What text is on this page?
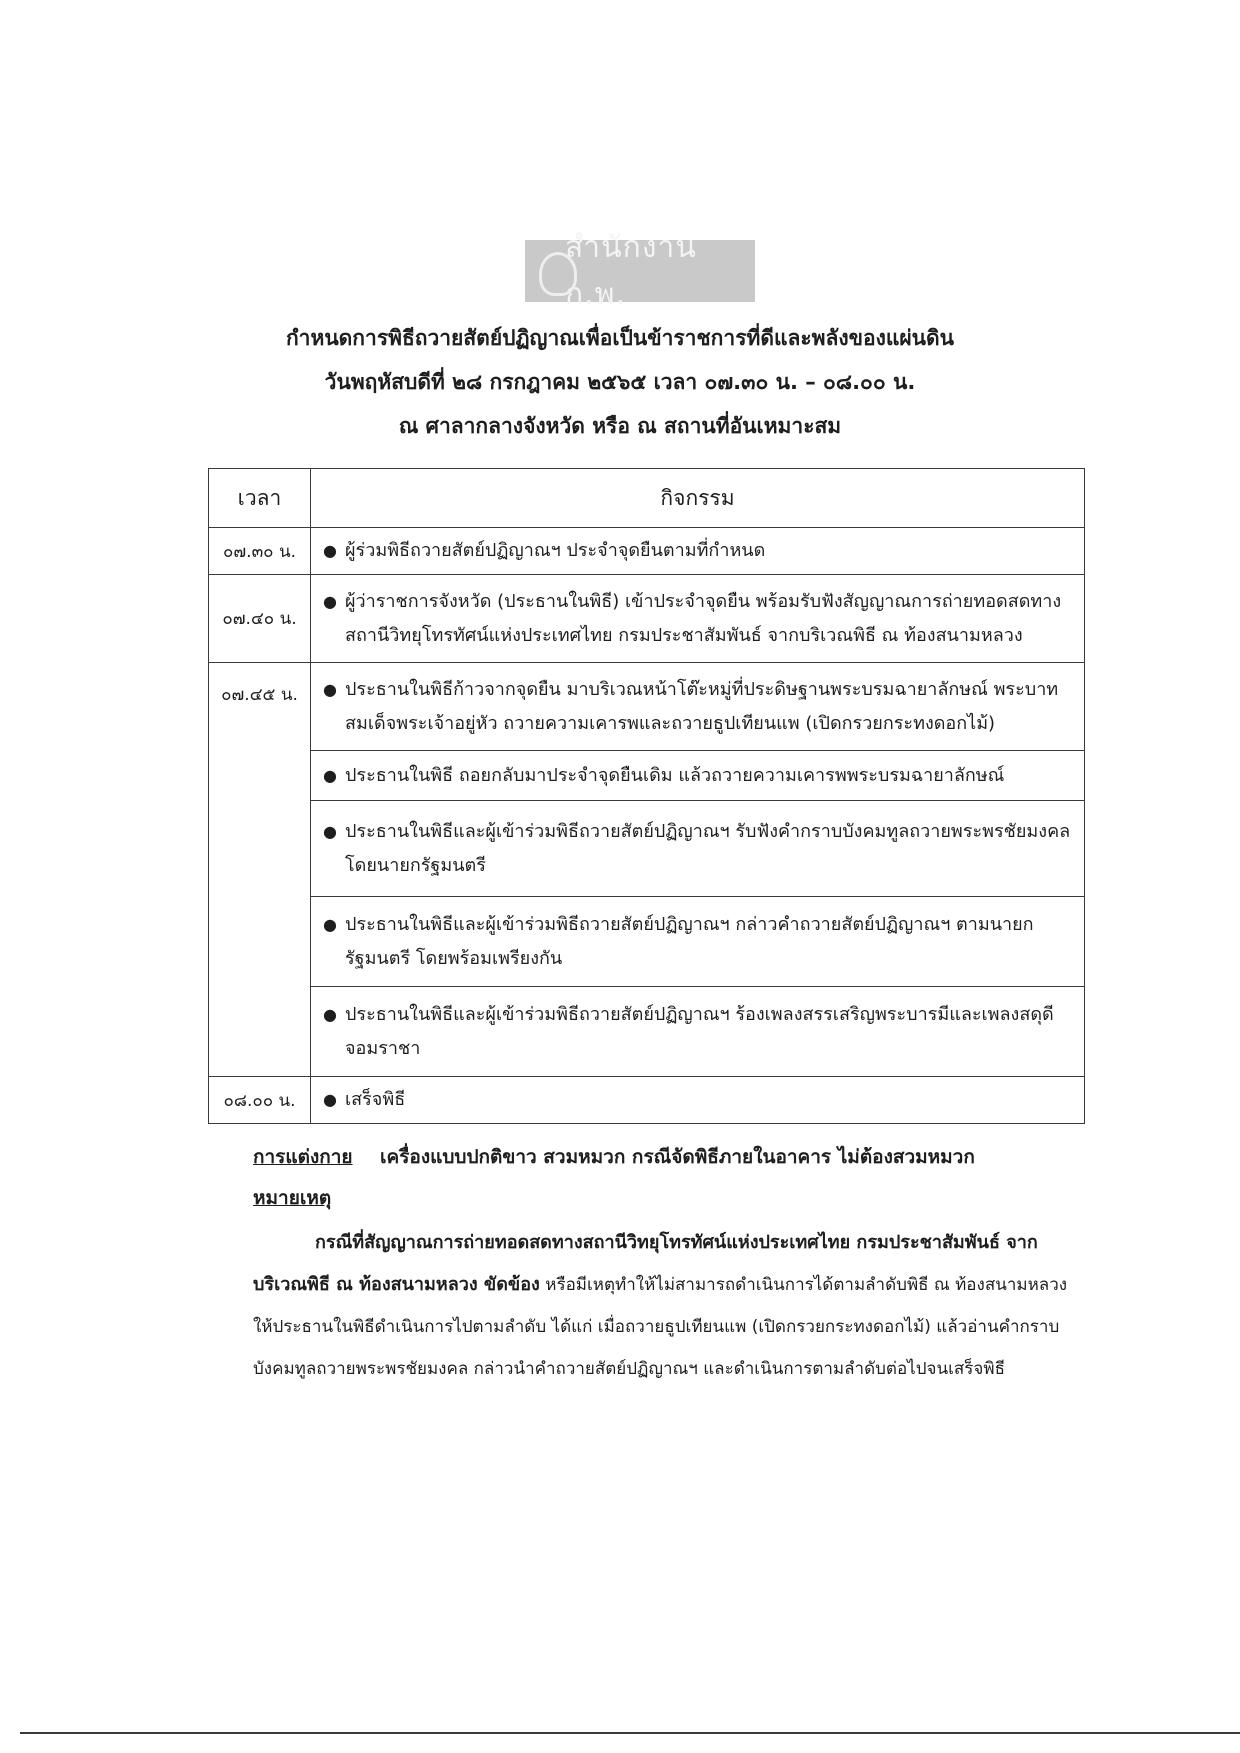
สำนักงาน ก.พ.
กำหนดการพิธีถวายสัตย์ปฏิญาณเพื่อเป็นข้าราชการที่ดีและพลังของแผ่นดิน
วันพฤหัสบดีที่ ๒๘ กรกฎาคม ๒๕๖๕ เวลา ๐๗.๓๐ น. – ๐๘.๐๐ น.
ณ ศาลากลางจังหวัด หรือ ณ สถานที่อันเหมาะสม
เวลา	กิจกรรม
๐๗.๓๐ น.	● ผู้ร่วมพิธีถวายสัตย์ปฏิญาณฯ ประจำจุดยืนตามที่กำหนด

๐๗.๔๐ น.	● ผู้ว่าราชการจังหวัด (ประธานในพิธี) เข้าประจำจุดยืน พร้อมรับฟังสัญญาณการถ่ายทอดสดทางสถานีวิทยุโทรทัศน์แห่งประเทศไทย กรมประชาสัมพันธ์ จากบริเวณพิธี ณ ท้องสนามหลวง

๐๗.๔๕ น.	● ประธานในพิธีก้าวจากจุดยืน มาบริเวณหน้าโต๊ะหมู่ที่ประดิษฐานพระบรมฉายาลักษณ์ พระบาทสมเด็จพระเจ้าอยู่หัว ถวายความเคารพและถวายธูปเทียนแพ (เปิดกรวยกระทงดอกไม้)

	● ประธานในพิธี ถอยกลับมาประจำจุดยืนเดิม แล้วถวายความเคารพพระบรมฉายาลักษณ์

	● ประธานในพิธีและผู้เข้าร่วมพิธีถวายสัตย์ปฏิญาณฯ รับฟังคำกราบบังคมทูลถวายพระพรชัยมงคล โดยนายกรัฐมนตรี

	● ประธานในพิธีและผู้เข้าร่วมพิธีถวายสัตย์ปฏิญาณฯ กล่าวคำถวายสัตย์ปฏิญาณฯ ตามนายกรัฐมนตรี โดยพร้อมเพรียงกัน

	● ประธานในพิธีและผู้เข้าร่วมพิธีถวายสัตย์ปฏิญาณฯ ร้องเพลงสรรเสริญพระบารมีและเพลงสดุดีจอมราชา

๐๘.๐๐ น.	● เสร็จพิธี
การแต่งกาย เครื่องแบบปกติขาว สวมหมวก กรณีจัดพิธีภายในอาคาร ไม่ต้องสวมหมวก
หมายเหตุ
กรณีที่สัญญาณการถ่ายทอดสดทางสถานีวิทยุโทรทัศน์แห่งประเทศไทย กรมประชาสัมพันธ์ จากบริเวณพิธี ณ ท้องสนามหลวง ขัดข้อง หรือมีเหตุทำให้ไม่สามารถดำเนินการได้ตามลำดับพิธี ณ ท้องสนามหลวง ให้ประธานในพิธีดำเนินการไปตามลำดับ ได้แก่ เมื่อถวายธูปเทียนแพ (เปิดกรวยกระทงดอกไม้) แล้วอ่านคำกราบบังคมทูลถวายพระพรชัยมงคล กล่าวนำคำถวายสัตย์ปฏิญาณฯ และดำเนินการตามลำดับต่อไปจนเสร็จพิธี
